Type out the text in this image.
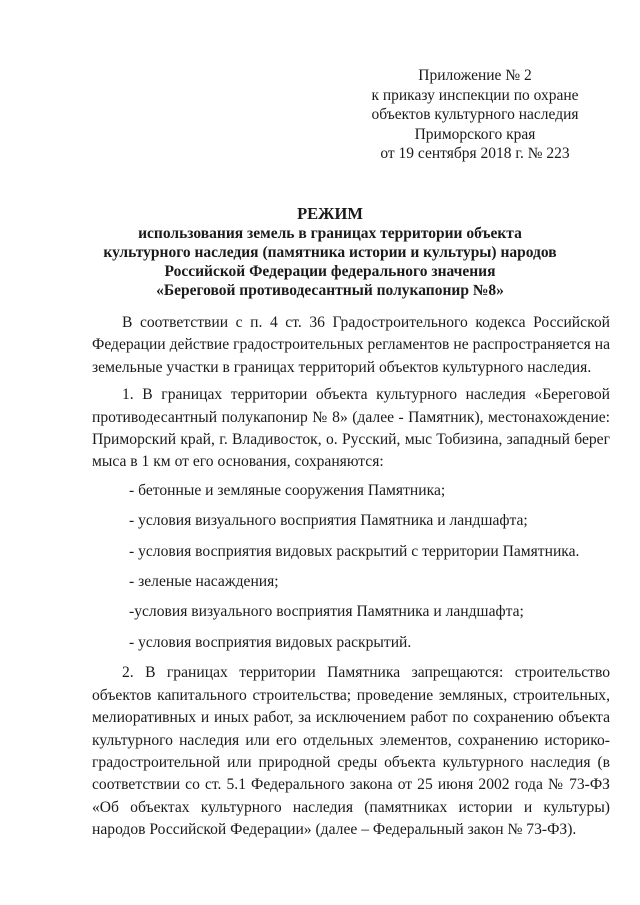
Приложение № 2
к приказу инспекции по охране
объектов культурного наследия
Приморского края
от 19 сентября 2018 г. № 223
РЕЖИМ
использования земель в границах территории объекта
культурного наследия (памятника истории и культуры) народов
Российской Федерации федерального значения
«Береговой противодесантный полукапонир №8»

В соответствии с п. 4 ст. 36 Градостроительного кодекса Российской Федерации действие градостроительных регламентов не распространяется на земельные участки в границах территорий объектов культурного наследия.

1. В границах территории объекта культурного наследия «Береговой противодесантный полукапонир № 8» (далее - Памятник), местонахождение: Приморский край, г. Владивосток, о. Русский, мыс Тобизина, западный берег мыса в 1 км от его основания, сохраняются:

- бетонные и земляные сооружения Памятника;

- условия визуального восприятия Памятника и ландшафта;

- условия восприятия видовых раскрытий с территории Памятника.

- зеленые насаждения;

-условия визуального восприятия Памятника и ландшафта;

- условия восприятия видовых раскрытий.

2. В границах территории Памятника запрещаются: строительство объектов капитального строительства; проведение земляных, строительных, мелиоративных и иных работ, за исключением работ по сохранению объекта культурного наследия или его отдельных элементов, сохранению историко-градостроительной или природной среды объекта культурного наследия (в соответствии со ст. 5.1 Федерального закона от 25 июня 2002 года № 73-ФЗ «Об объектах культурного наследия (памятниках истории и культуры) народов Российской Федерации» (далее – Федеральный закон № 73-ФЗ).
